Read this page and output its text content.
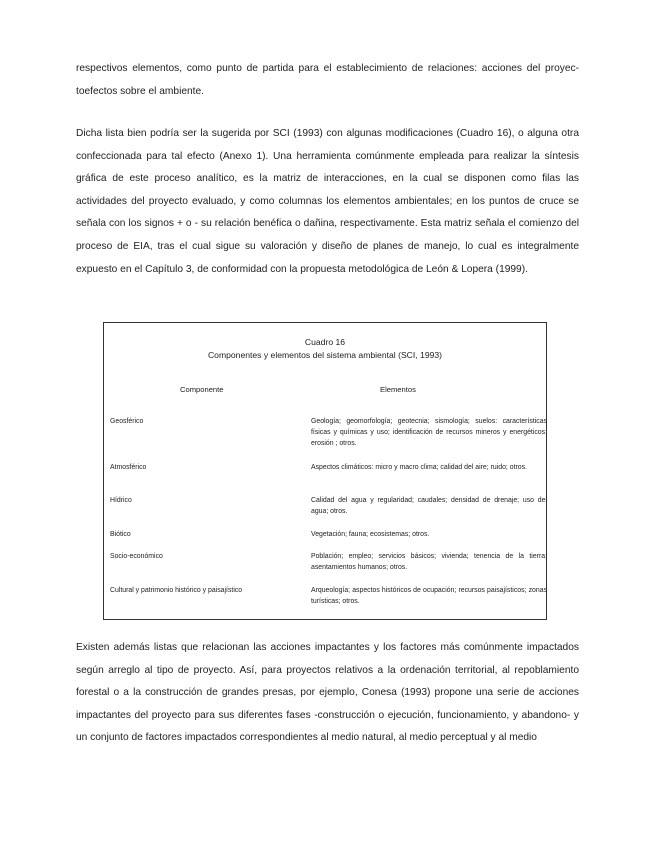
respectivos elementos, como punto de partida para el establecimiento de relaciones: acciones del proyec-toefectos sobre el ambiente.

Dicha lista bien podría ser la sugerida por SCI (1993) con algunas modificaciones (Cuadro 16), o alguna otra confeccionada para tal efecto (Anexo 1). Una herramienta comúnmente empleada para realizar la síntesis gráfica de este proceso analítico, es la matriz de interacciones, en la cual se disponen como filas las actividades del proyecto evaluado, y como columnas los elementos ambientales; en los puntos de cruce se señala con los signos + o - su relación benéfica o dañina, respectivamente. Esta matriz señala el comienzo del proceso de EIA, tras el cual sigue su valoración y diseño de planes de manejo, lo cual es integralmente expuesto en el Capítulo 3, de conformidad con la propuesta metodológica de León & Lopera (1999).

Cuadro 16
Componentes y elementos del sistema ambiental (SCI, 1993)
Componente	Elementos
Geosférico	Geología; geomorfología; geotecnia; sismología; suelos: características físicas y químicas y uso; identificación de recursos mineros y energéticos; erosión ; otros.
Atmosférico	Aspectos climáticos: micro y macro clima; calidad del aire; ruido; otros.
Hídrico	Calidad del agua y regularidad; caudales; densidad de drenaje; uso del agua; otros.
Biótico	Vegetación; fauna; ecosistemas; otros.
Socio-económico	Población; empleo; servicios básicos; vivienda; tenencia de la tierra; asentamientos humanos; otros.
Cultural y patrimonio histórico y paisajístico	Arqueología; aspectos históricos de ocupación; recursos paisajísticos; zonas turísticas; otros.

Existen además listas que relacionan las acciones impactantes y los factores más comúnmente impactados según arreglo al tipo de proyecto. Así, para proyectos relativos a la ordenación territorial, al repoblamiento forestal o a la construcción de grandes presas, por ejemplo, Conesa (1993) propone una serie de acciones impactantes del proyecto para sus diferentes fases -construcción o ejecución, funcionamiento, y abandono- y un conjunto de factores impactados correspondientes al medio natural, al medio perceptual y al medio
